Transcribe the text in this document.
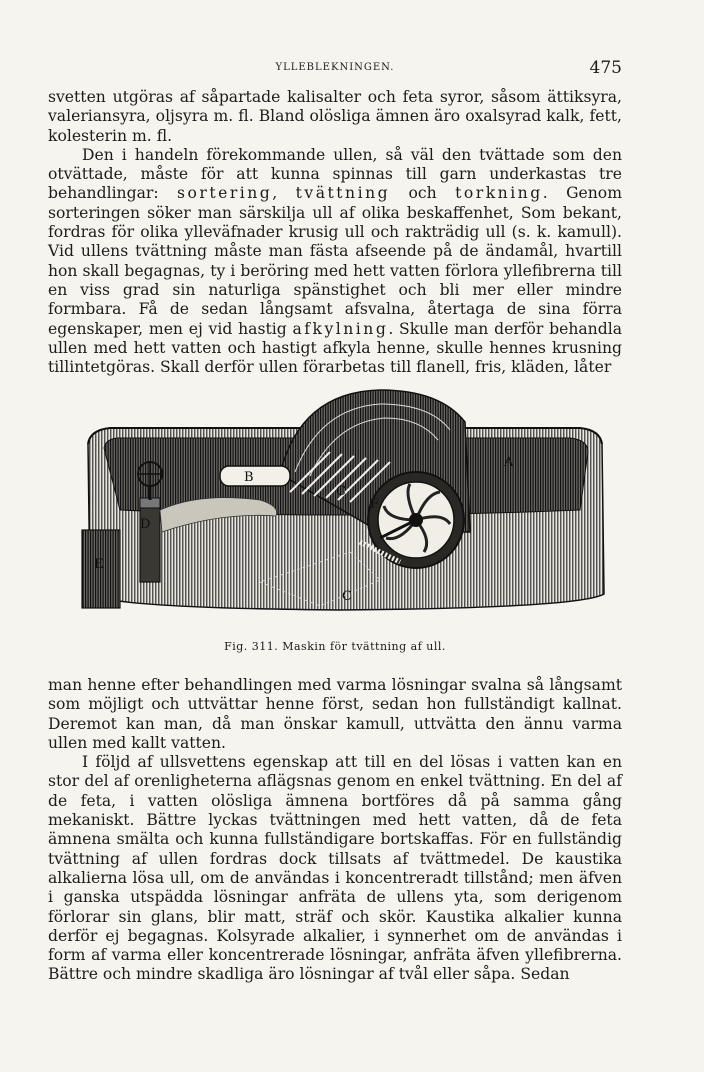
YLLEBLEKNINGEN.	475

svetten utgöras af såpartade kalisalter och feta syror, såsom ättiksyra, valeriansyra, oljsyra m. fl. Bland olösliga ämnen äro oxalsyrad kalk, fett, kolesterin m. fl.

Den i handeln förekommande ullen, så väl den tvättade som den otvättade, måste för att kunna spinnas till garn underkastas tre behandlingar: sortering, tvättning och torkning. Genom sorteringen söker man särskilja ull af olika beskaffenhet, Som bekant, fordras för olika ylleväfnader krusig ull och rakträdig ull (s. k. kamull). Vid ullens tvättning måste man fästa afseende på de ändamål, hvartill hon skall begagnas, ty i beröring med hett vatten förlora yllefibrerna till en viss grad sin naturliga spänstighet och bli mer eller mindre formbara. Få de sedan långsamt afsvalna, återtaga de sina förra egenskaper, men ej vid hastig afkylning. Skulle man derför behandla ullen med hett vatten och hastigt afkyla henne, skulle hennes krusning tillintetgöras. Skall derför ullen förarbetas till flanell, fris, kläden, låter

A
B
C
C
D
E
F
Fig. 311. Maskin för tvättning af ull.

man henne efter behandlingen med varma lösningar svalna så långsamt som möjligt och uttvättar henne först, sedan hon fullständigt kallnat. Deremot kan man, då man önskar kamull, uttvätta den ännu varma ullen med kallt vatten.

I följd af ullsvettens egenskap att till en del lösas i vatten kan en stor del af orenligheterna aflägsnas genom en enkel tvättning. En del af de feta, i vatten olösliga ämnena bortföres då på samma gång mekaniskt. Bättre lyckas tvättningen med hett vatten, då de feta ämnena smälta och kunna fullständigare bortskaffas. För en fullständig tvättning af ullen fordras dock tillsats af tvättmedel. De kaustika alkalierna lösa ull, om de användas i koncentreradt tillstånd; men äfven i ganska utspädda lösningar anfräta de ullens yta, som derigenom förlorar sin glans, blir matt, sträf och skör. Kaustika alkalier kunna derför ej begagnas. Kolsyrade alkalier, i synnerhet om de användas i form af varma eller koncentrerade lösningar, anfräta äfven yllefibrerna. Bättre och mindre skadliga äro lösningar af tvål eller såpa. Sedan
